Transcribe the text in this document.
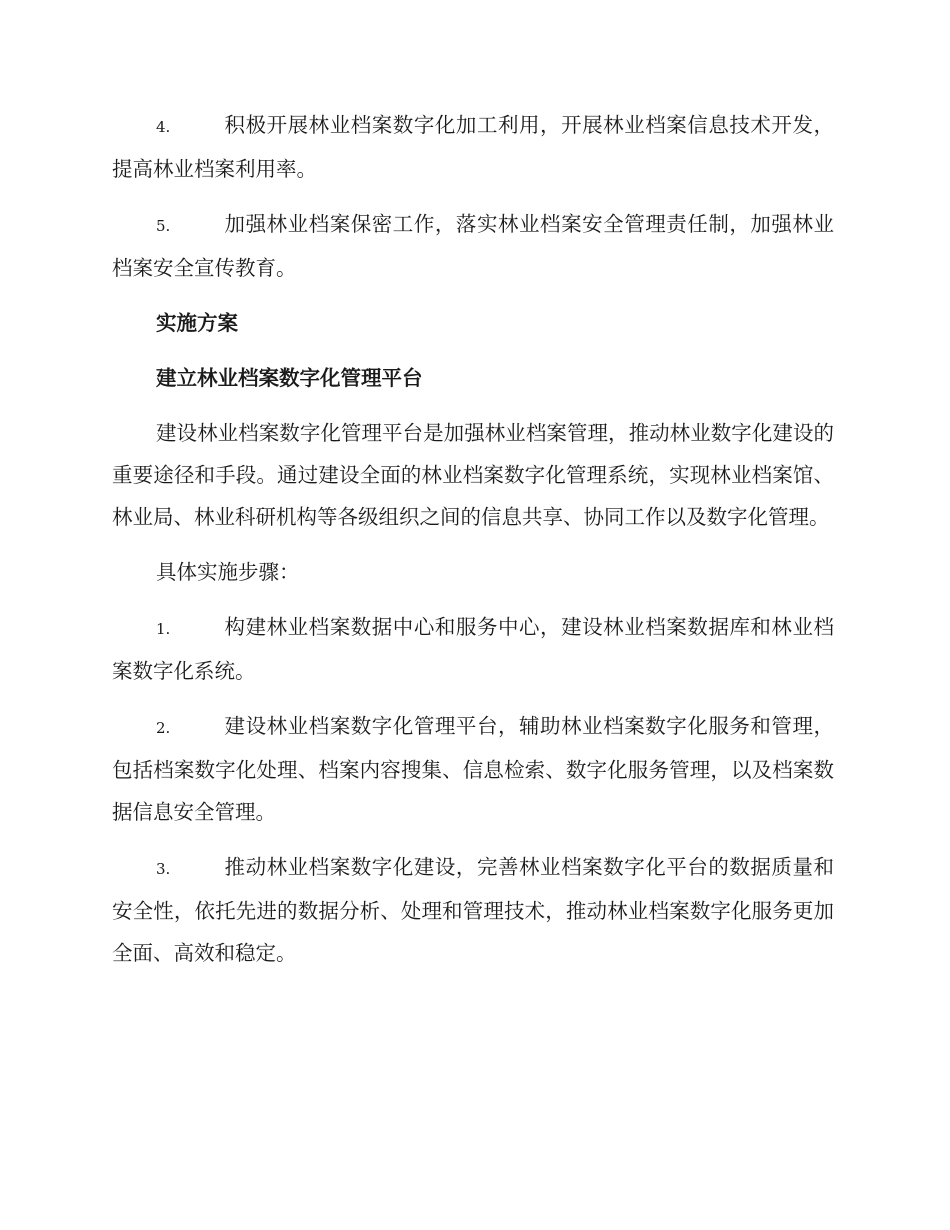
4.	积极开展林业档案数字化加工利用，开展林业档案信息技术开发，提高林业档案利用率。

5.	加强林业档案保密工作，落实林业档案安全管理责任制，加强林业档案安全宣传教育。

实施方案
建立林业档案数字化管理平台

建设林业档案数字化管理平台是加强林业档案管理，推动林业数字化建设的重要途径和手段。通过建设全面的林业档案数字化管理系统，实现林业档案馆、林业局、林业科研机构等各级组织之间的信息共享、协同工作以及数字化管理。

具体实施步骤：

1.	构建林业档案数据中心和服务中心，建设林业档案数据库和林业档案数字化系统。

2.	建设林业档案数字化管理平台，辅助林业档案数字化服务和管理，包括档案数字化处理、档案内容搜集、信息检索、数字化服务管理，以及档案数据信息安全管理。

3.	推动林业档案数字化建设，完善林业档案数字化平台的数据质量和安全性，依托先进的数据分析、处理和管理技术，推动林业档案数字化服务更加全面、高效和稳定。
